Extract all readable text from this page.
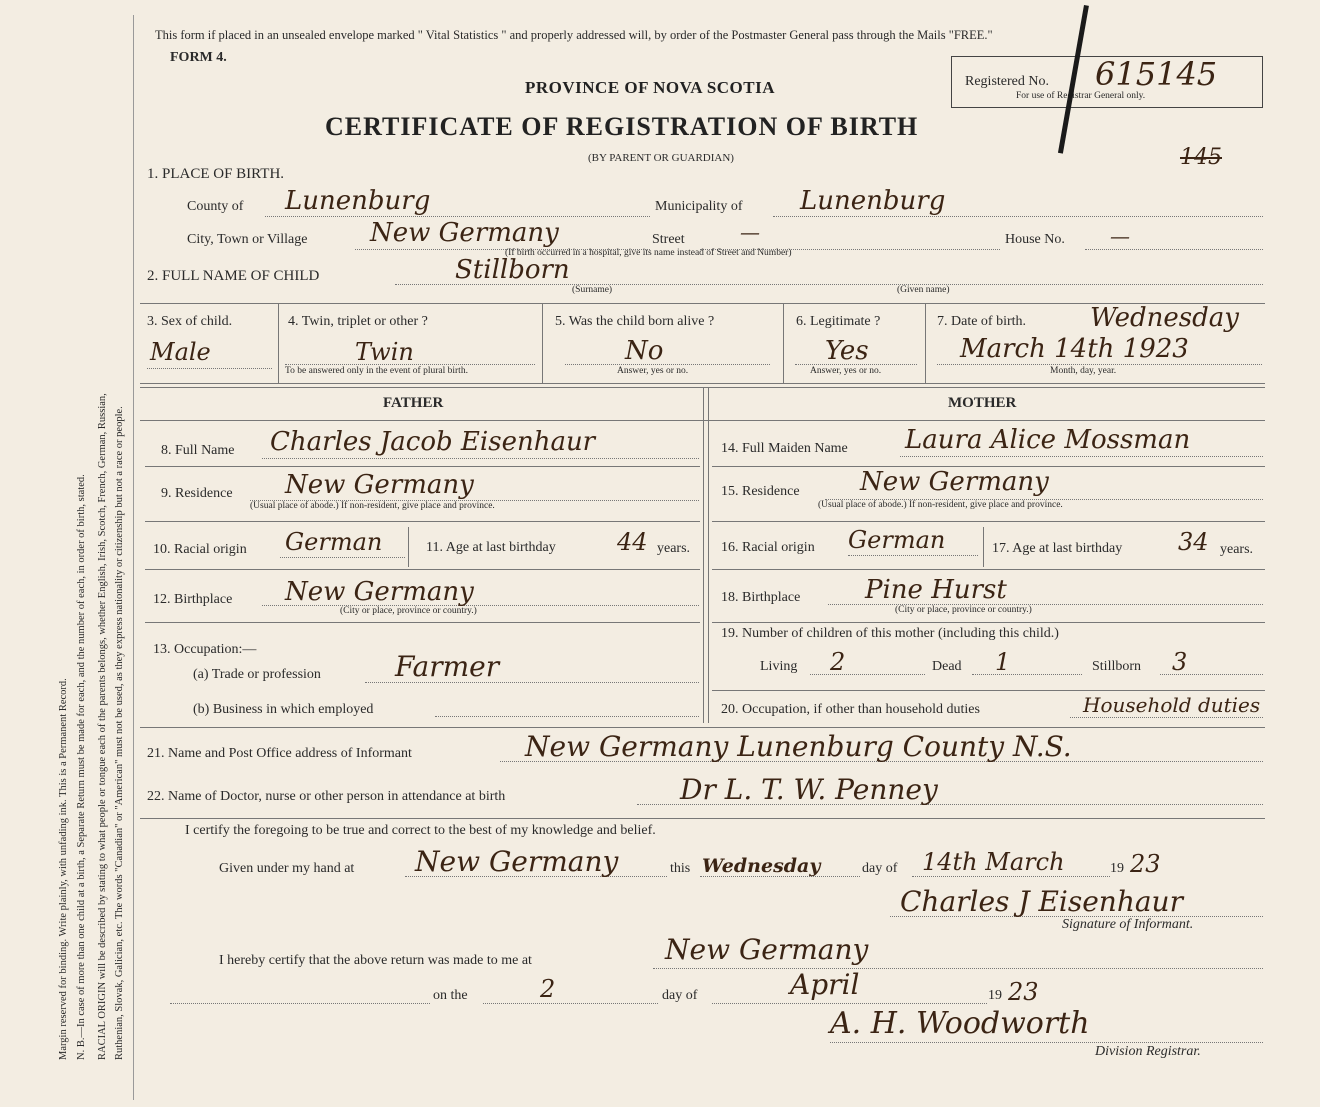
Margin reserved for binding. Write plainly, with unfading ink. This is a Permanent Record. N. B.—In case of more than one child at a birth, a Separate Return must be made for each, and the number of each, in order of birth, stated. RACIAL ORIGIN will be described by stating to what people or tongue each of the parents belongs, whether English, Irish, Scotch, French, German, Russian, Ruthenian, Slovak, Galician, etc. The words "Canadian" or "American" must not be used, as they express nationality or citizenship but not a race or people.
This form if placed in an unsealed envelope marked " Vital Statistics " and properly addressed will, by order of the Postmaster General pass through the Mails "FREE."
FORM 4.
PROVINCE OF NOVA SCOTIA
CERTIFICATE OF REGISTRATION OF BIRTH
(BY PARENT OR GUARDIAN)
Registered No. 615145
For use of Registrar General only.
145
1. PLACE OF BIRTH.
County of Lunenburg	Municipality of Lunenburg
City, Town or Village New Germany	Street	—	House No. —
(If birth occurred in a hospital, give its name instead of Street and Number)
2. FULL NAME OF CHILD	Stillborn
(Surname)	(Given name)
3. Sex of child.
Male
4. Twin, triplet or other ?
Twin
To be answered only in the event of plural birth.
5. Was the child born alive ?
No
Answer, yes or no.
6. Legitimate ?
Yes
Answer, yes or no.
7. Date of birth. Wednesday
March 14th 1923
Month, day, year.
FATHER	MOTHER
8. Full Name Charles Jacob Eisenhaur
9. Residence New Germany
(Usual place of abode.) If non-resident, give place and province.
10. Racial origin German	11. Age at last birthday	44 years.
12. Birthplace New Germany
(City or place, province or country.)
13. Occupation:—
(a) Trade or profession	Farmer
(b) Business in which employed
14. Full Maiden Name Laura Alice Mossman
15. Residence New Germany
(Usual place of abode.) If non-resident, give place and province.
16. Racial origin German	17. Age at last birthday 34 years.
18. Birthplace Pine Hurst
(City or place, province or country.)
19. Number of children of this mother (including this child.)
Living 2	Dead 1	Stillborn 3
20. Occupation, if other than household duties	Household duties
21. Name and Post Office address of Informant	New Germany Lunenburg County N.S.
22. Name of Doctor, nurse or other person in attendance at birth	Dr L. T. W. Penney
I certify the foregoing to be true and correct to the best of my knowledge and belief.
Given under my hand at New Germany	this Wednesday	day of 14th March	19 23
Charles J Eisenhaur
Signature of Informant.
I hereby certify that the above return was made to me at	New Germany
on the	2	day of	April	19 23
A. H. Woodworth
Division Registrar.
